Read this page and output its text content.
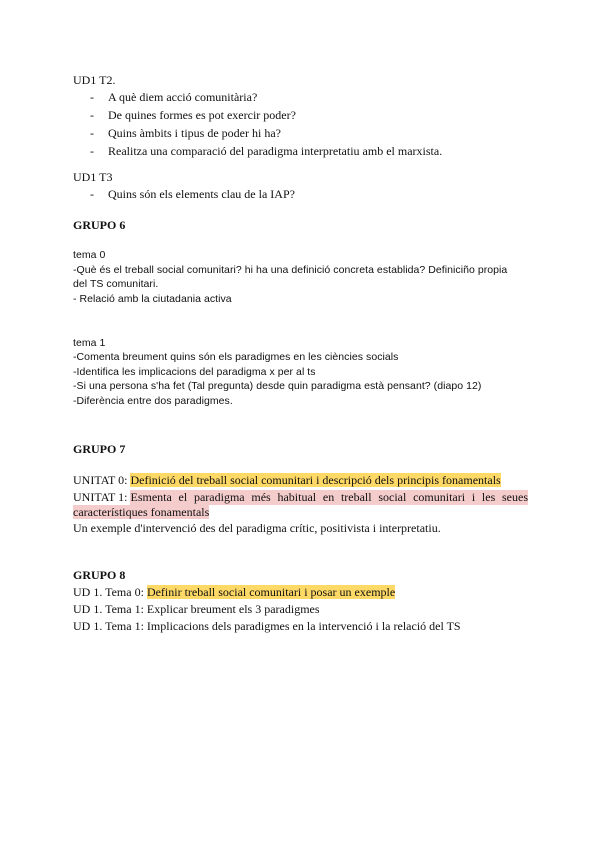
UD1 T2.
- A què diem acció comunitària?
- De quines formes es pot exercir poder?
- Quins àmbits i tipus de poder hi ha?
- Realitza una comparació del paradigma interpretatiu amb el marxista.
UD1 T3
- Quins són els elements clau de la IAP?
GRUPO 6
tema 0
-Què és el treball social comunitari? hi ha una definició concreta establida? Definiciño propia
del TS comunitari.
- Relació amb la ciutadania activa
tema 1
-Comenta breument quins són els paradigmes en les ciències socials
-Identifica les implicacions del paradigma x per al ts
-Si una persona s'ha fet (Tal pregunta) desde quin paradigma està pensant? (diapo 12)
-Diferència entre dos paradigmes.
GRUPO 7
UNITAT 0: Definició del treball social comunitari i descripció dels principis fonamentals
UNITAT 1: Esmenta el paradigma més habitual en treball social comunitari i les seues
característiques fonamentals
Un exemple d'intervenció des del paradigma crític, positivista i interpretatiu.
GRUPO 8
UD 1. Tema 0: Definir treball social comunitari i posar un exemple
UD 1. Tema 1: Explicar breument els 3 paradigmes
UD 1. Tema 1: Implicacions dels paradigmes en la intervenció i la relació del TS
